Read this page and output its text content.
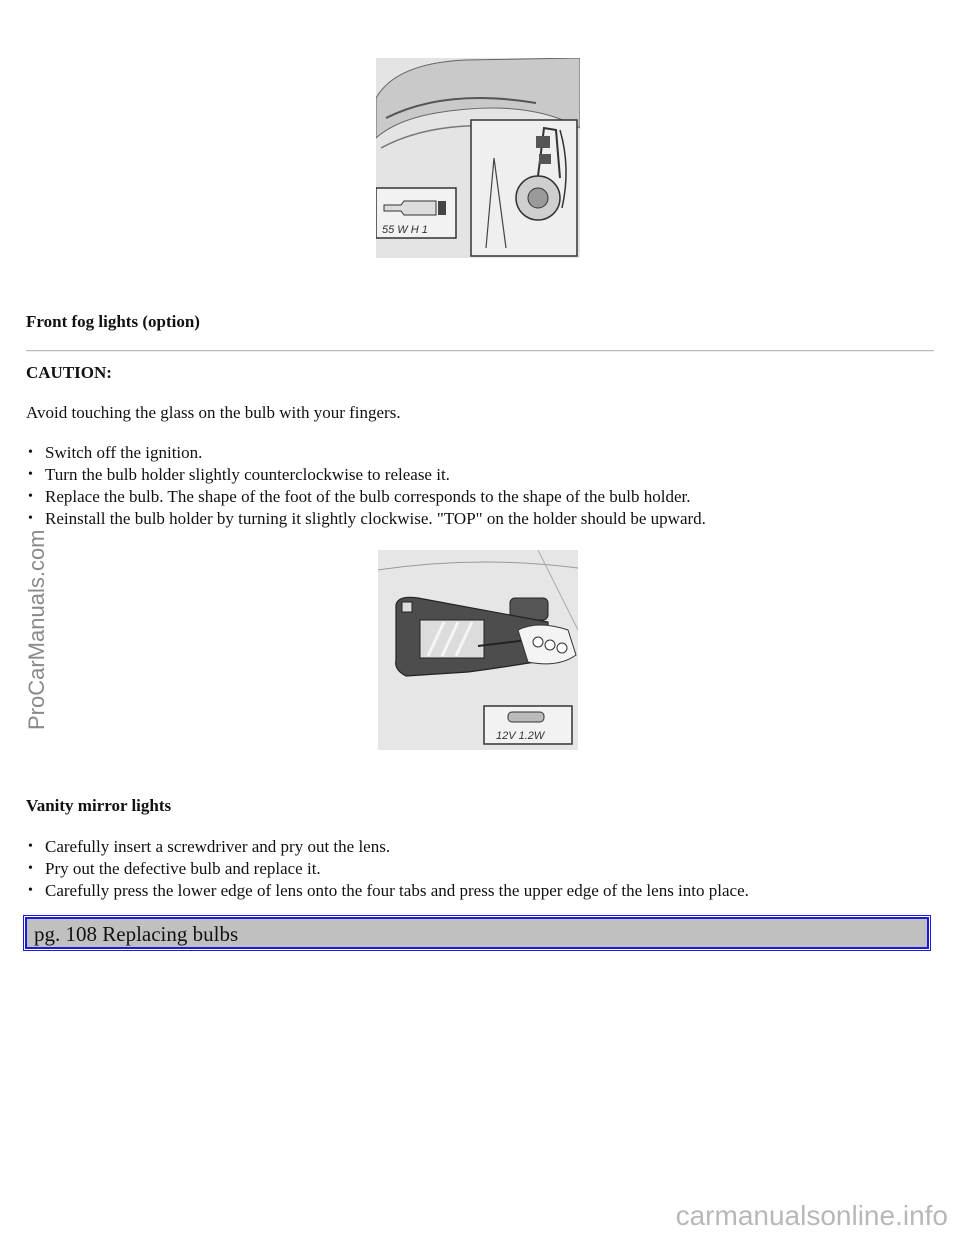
55 W H 1
Front fog lights (option)
CAUTION:
Avoid touching the glass on the bulb with your fingers.
• Switch off the ignition.
• Turn the bulb holder slightly counterclockwise to release it.
• Replace the bulb. The shape of the foot of the bulb corresponds to the shape of the bulb holder.
• Reinstall the bulb holder by turning it slightly clockwise. "TOP" on the holder should be upward.
12V 1.2W
Vanity mirror lights
• Carefully insert a screwdriver and pry out the lens.
• Pry out the defective bulb and replace it.
• Carefully press the lower edge of lens onto the four tabs and press the upper edge of the lens into place.
pg. 108 Replacing bulbs
ProCarManuals.com
carmanualsonline.info
